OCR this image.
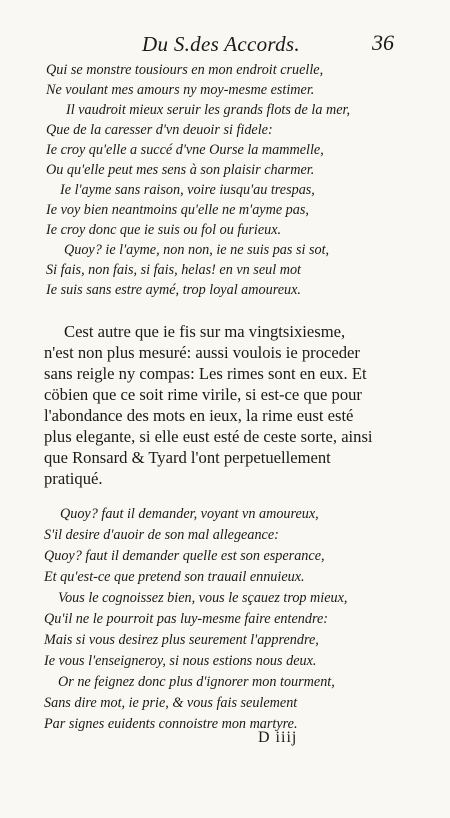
Du S.des Accords.	36
Qui se monstre tousiours en mon endroit cruelle,
Ne voulant mes amours ny moy-mesme estimer.
Il vaudroit mieux seruir les grands flots de la mer,
Que de la caresser d'vn deuoir si fidele:
Ie croy qu'elle a succé d'vne Ourse la mammelle,
Ou qu'elle peut mes sens à son plaisir charmer.
Ie l'ayme sans raison, voire iusqu'au trespas,
Ie voy bien neantmoins qu'elle ne m'ayme pas,
Ie croy donc que ie suis ou fol ou furieux.
Quoy? ie l'ayme, non non, ie ne suis pas si sot,
Si fais, non fais, si fais, helas! en vn seul mot
Ie suis sans estre aymé, trop loyal amoureux.
Cest autre que ie fis sur ma vingtsixiesme,
n'est non plus mesuré: aussi voulois ie proceder
sans reigle ny compas: Les rimes sont en eux. Et
cöbien que ce soit rime virile, si est-ce que pour
l'abondance des mots en ieux, la rime eust esté
plus elegante, si elle eust esté de ceste sorte, ainsi
que Ronsard & Tyard l'ont perpetuellement
pratiqué.
Quoy? faut il demander, voyant vn amoureux,
S'il desire d'auoir de son mal allegeance:
Quoy? faut il demander quelle est son esperance,
Et qu'est-ce que pretend son trauail ennuieux.
Vous le cognoissez bien, vous le sçauez trop mieux,
Qu'il ne le pourroit pas luy-mesme faire entendre:
Mais si vous desirez plus seurement l'apprendre,
Ie vous l'enseigneroy, si nous estions nous deux.
Or ne feignez donc plus d'ignorer mon tourment,
Sans dire mot, ie prie, & vous fais seulement
Par signes euidents connoistre mon martyre.
D iiij
